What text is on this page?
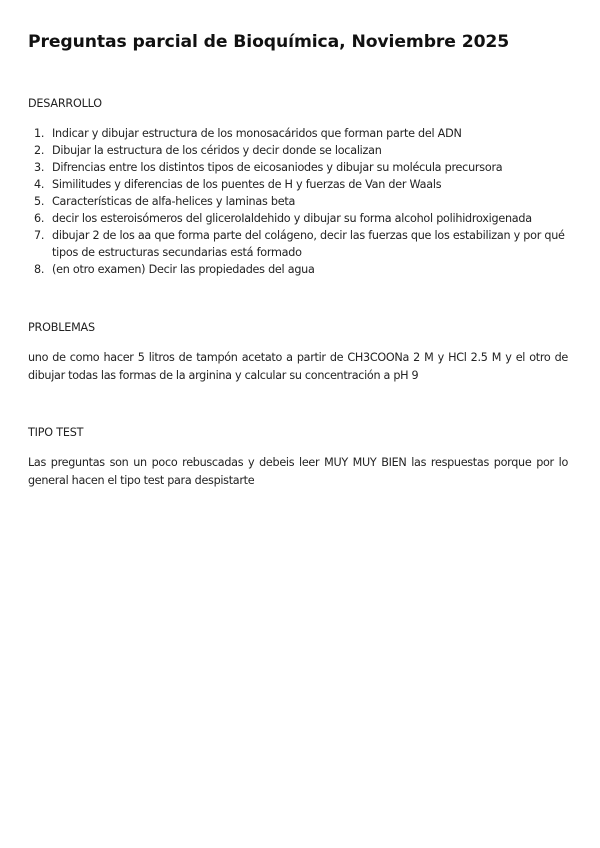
Preguntas parcial de Bioquímica, Noviembre 2025
DESARROLLO
1. Indicar y dibujar estructura de los monosacáridos que forman parte del ADN
2. Dibujar la estructura de los céridos y decir donde se localizan
3. Difrencias entre los distintos tipos de eicosaniodes y dibujar su molécula precursora
4. Similitudes y diferencias de los puentes de H y fuerzas de Van der Waals
5. Características de alfa-helices y laminas beta
6. decir los esteroisómeros del gliceroIaldehido y dibujar su forma alcohol polihidroxigenada
7. dibujar 2 de los aa que forma parte del colágeno, decir las fuerzas que los estabilizan y por qué tipos de estructuras secundarias está formado
8. (en otro examen) Decir las propiedades del agua
PROBLEMAS

uno de como hacer 5 litros de tampón acetato a partir de CH3COONa 2 M y HCl 2.5 M y el otro de dibujar todas las formas de la arginina y calcular su concentración a pH 9

TIPO TEST

Las preguntas son un poco rebuscadas y debeis leer MUY MUY BIEN las respuestas porque por lo general hacen el tipo test para despistarte
